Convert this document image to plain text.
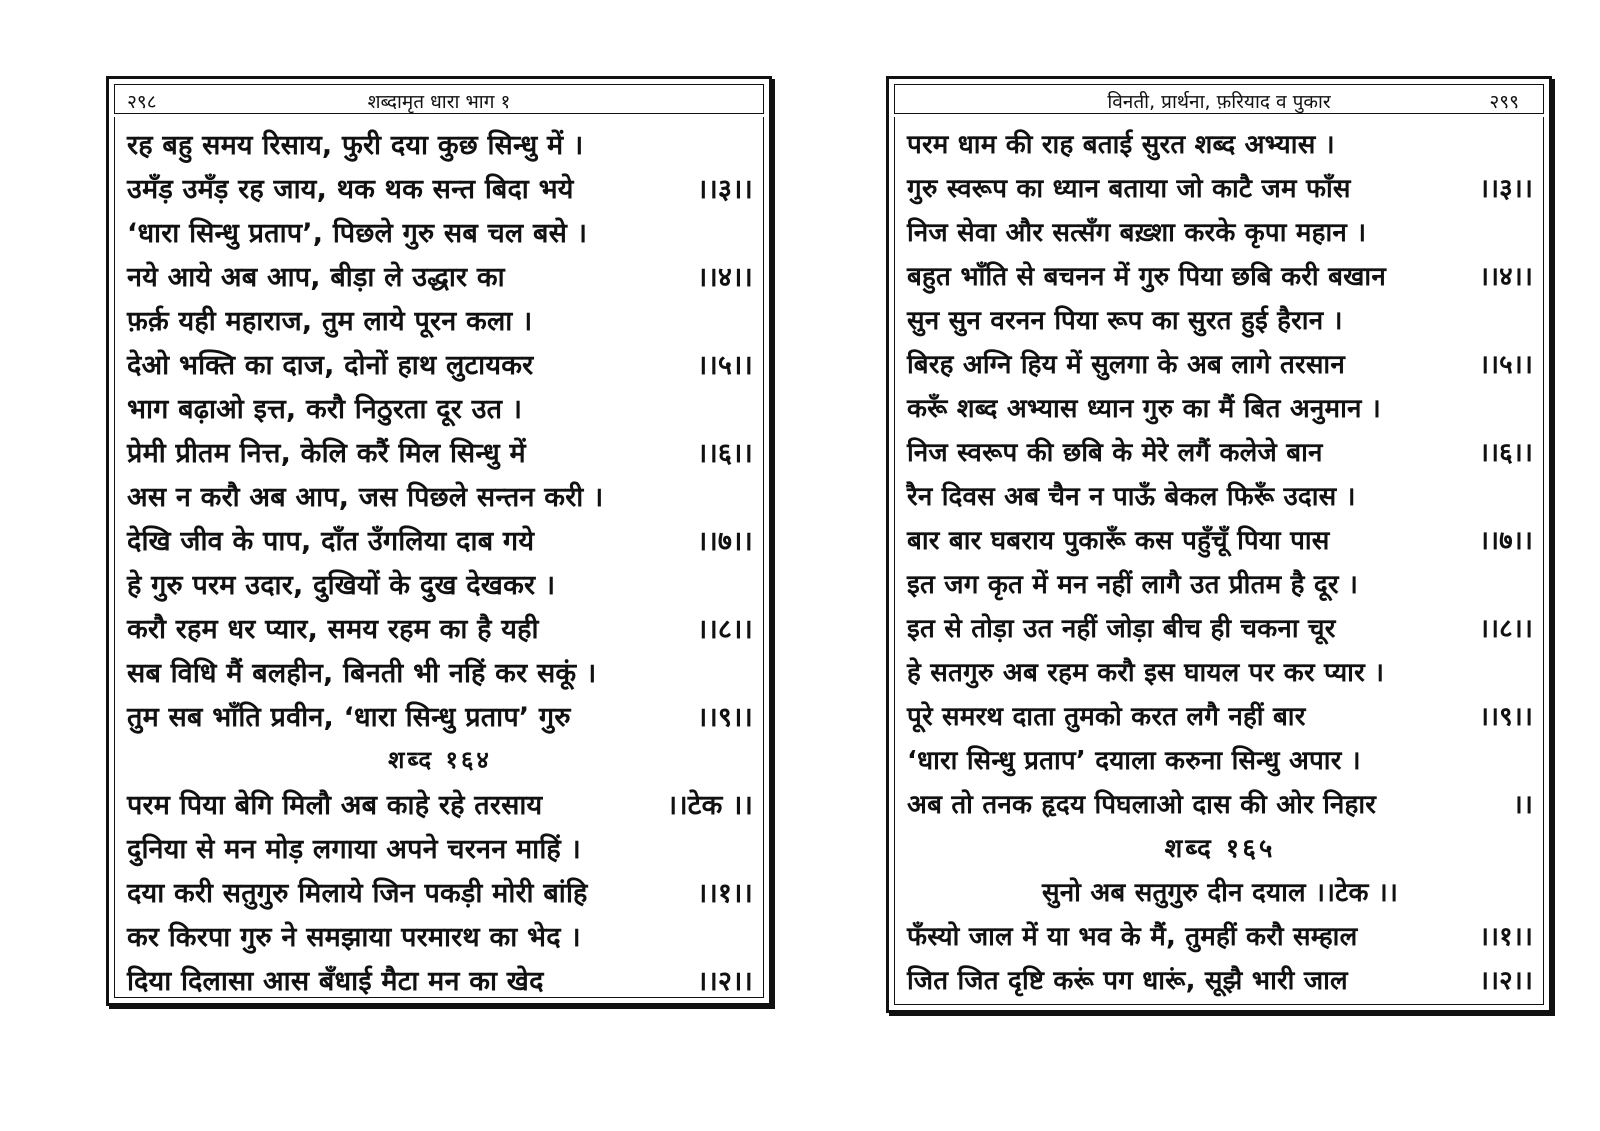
२९८	शब्दामृत धारा भाग १
रह बहु समय रिसाय, फुरी दया कुछ सिन्धु में ।
उमँड़ उमँड़ रह जाय, थक थक सन्त बिदा भये	।।३।।
‘धारा सिन्धु प्रताप’, पिछले गुरु सब चल बसे ।
नये आये अब आप, बीड़ा ले उद्धार का	।।४।।
फ़र्क़ यही महाराज, तुम लाये पूरन कला ।
देओ भक्ति का दाज, दोनों हाथ लुटायकर	।।५।।
भाग बढ़ाओ इत्त, करौ निठुरता दूर उत ।
प्रेमी प्रीतम नित्त, केलि करैं मिल सिन्धु में	।।६।।
अस न करौ अब आप, जस पिछले सन्तन करी ।
देखि जीव के पाप, दाँत उँगलिया दाब गये	।।७।।
हे गुरु परम उदार, दुखियों के दुख देखकर ।
करौ रहम धर प्यार, समय रहम का है यही	।।८।।
सब विधि मैं बलहीन, बिनती भी नहिं कर सकूं ।
तुम सब भाँति प्रवीन, ‘धारा सिन्धु प्रताप’ गुरु	।।९।।
शब्द १६४
परम पिया बेगि मिलौ अब काहे रहे तरसाय	।।टेक ।।
दुनिया से मन मोड़ लगाया अपने चरनन माहिं ।
दया करी सतुगुरु मिलाये जिन पकड़ी मोरी बांहि	।।१।।
कर किरपा गुरु ने समझाया परमारथ का भेद ।
दिया दिलासा आस बँधाई मैटा मन का खेद	।।२।।
विनती, प्रार्थना, फ़रियाद व पुकार	२९९
परम धाम की राह बताई सुरत शब्द अभ्यास ।
गुरु स्वरूप का ध्यान बताया जो काटै जम फाँस	।।३।।
निज सेवा और सत्सँग बख़्शा करके कृपा महान ।
बहुत भाँति से बचनन में गुरु पिया छबि करी बखान	।।४।।
सुन सुन वरनन पिया रूप का सुरत हुई हैरान ।
बिरह अग्नि हिय में सुलगा के अब लागे तरसान	।।५।।
करूँ शब्द अभ्यास ध्यान गुरु का मैं बित अनुमान ।
निज स्वरूप की छबि के मेरे लगैं कलेजे बान	।।६।।
रैन दिवस अब चैन न पाऊँ बेकल फिरूँ उदास ।
बार बार घबराय पुकारूँ कस पहुँचूँ पिया पास	।।७।।
इत जग कृत में मन नहीं लागै उत प्रीतम है दूर ।
इत से तोड़ा उत नहीं जोड़ा बीच ही चकना चूर	।।८।।
हे सतगुरु अब रहम करौ इस घायल पर कर प्यार ।
पूरे समरथ दाता तुमको करत लगै नहीं बार	।।९।।
‘धारा सिन्धु प्रताप’ दयाला करुना सिन्धु अपार ।
अब तो तनक हृदय पिघलाओ दास की ओर निहार	।।
शब्द १६५
सुनो अब सतुगुरु दीन दयाल ।।टेक ।।
फँस्यो जाल में या भव के मैं, तुमहीं करौ सम्हाल	।।१।।
जित जित दृष्टि करूं पग धारूं, सूझै भारी जाल	।।२।।
